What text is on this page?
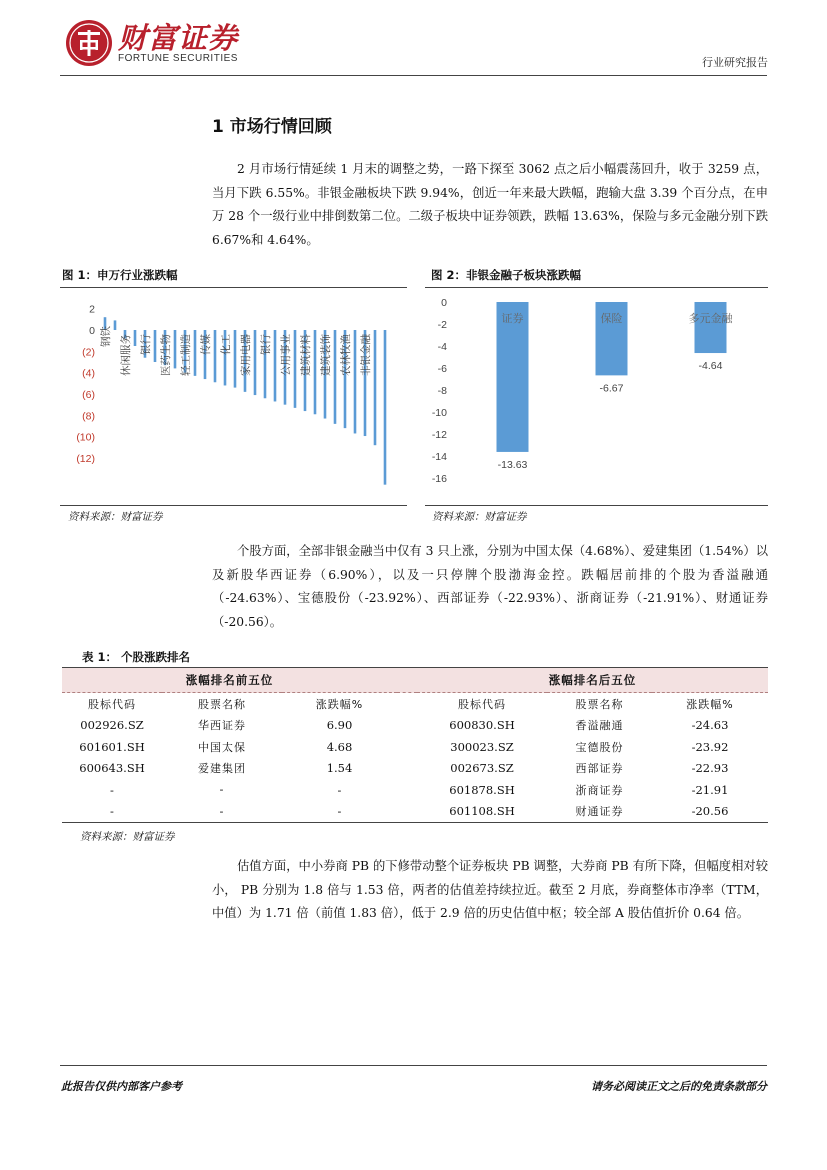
财富证券
FORTUNE SECURITIES	行业研究报告
1 市场行情回顾
2 月市场行情延续 1 月末的调整之势，一路下探至 3062 点之后小幅震荡回升，收于 3259 点，当月下跌 6.55%。非银金融板块下跌 9.94%，创近一年来最大跌幅，跑输大盘 3.39 个百分点，在申万 28 个一级行业中排倒数第二位。二级子板块中证券领跌，跌幅 13.63%，保险与多元金融分别下跌 6.67%和 4.64%。
图 1：申万行业涨跌幅
2
0
(2)
(4)
(6)
(8)
(10)
(12)
钢铁 休闲服务 银行 医药生物 轻工制造 传媒 化工 家用电器 银行 公用事业 建筑材料 建筑装饰 农林牧渔 非银金融
资料来源：财富证券
图 2：非银金融子板块涨跌幅
0
-2
-4
-6
-8
-10
-12
-14
-16
证券
-13.63
保险
-6.67
多元金融
-4.64
资料来源：财富证券
个股方面，全部非银金融当中仅有 3 只上涨，分别为中国太保（4.68%）、爱建集团（1.54%）以及新股华西证券（6.90%），以及一只停牌个股渤海金控。跌幅居前排的个股为香溢融通（-24.63%）、宝德股份（-23.92%）、西部证券（-22.93%）、浙商证券（-21.91%）、财通证券（-20.56）。
表 1： 个股涨跌排名
涨幅排名前五位				涨幅排名后五位		
股标代码	股票名称	涨跌幅%		股标代码	股票名称	涨跌幅%
002926.SZ	华西证券	6.90		600830.SH	香溢融通	-24.63
601601.SH	中国太保	4.68		300023.SZ	宝德股份	-23.92
600643.SH	爱建集团	1.54		002673.SZ	西部证券	-22.93
-	-	-		601878.SH	浙商证券	-21.91
-	-	-		601108.SH	财通证券	-20.56
资料来源：财富证券
估值方面，中小券商 PB 的下修带动整个证券板块 PB 调整，大券商 PB 有所下降，但幅度相对较小， PB 分别为 1.8 倍与 1.53 倍，两者的估值差持续拉近。截至 2 月底，券商整体市净率（TTM，中值）为 1.71 倍（前值 1.83 倍），低于 2.9 倍的历史估值中枢；较全部 A 股估值折价 0.64 倍。
此报告仅供内部客户参考	请务必阅读正文之后的免责条款部分
